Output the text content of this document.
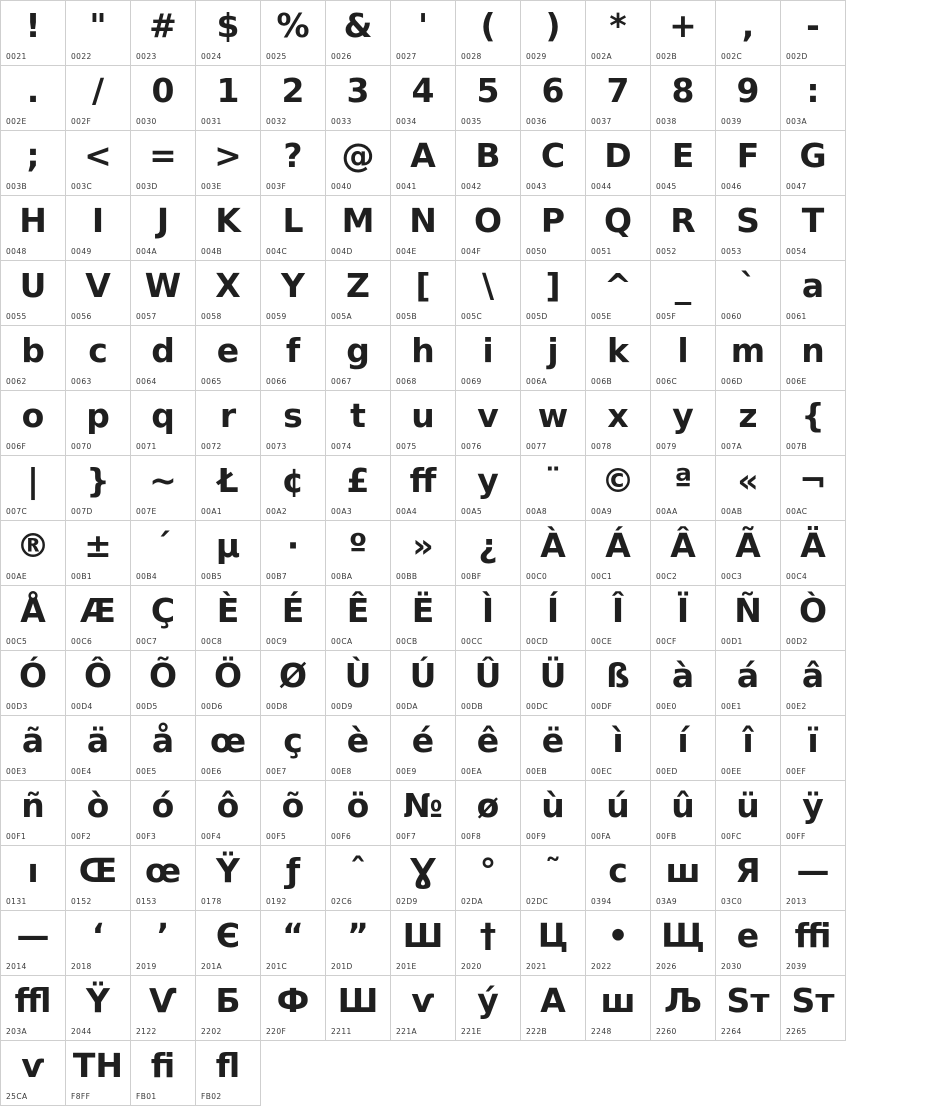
!
0021
"
0022
#
0023
$
0024
%
0025
&
0026
'
0027
(
0028
)
0029
*
002A
+
002B
,
002C
-
002D
.
002E
/
002F
0
0030
1
0031
2
0032
3
0033
4
0034
5
0035
6
0036
7
0037
8
0038
9
0039
:
003A
;
003B
<
003C
=
003D
>
003E
?
003F
@
0040
A
0041
B
0042
C
0043
D
0044
E
0045
F
0046
G
0047
H
0048
I
0049
J
004A
K
004B
L
004C
M
004D
N
004E
O
004F
P
0050
Q
0051
R
0052
S
0053
T
0054
U
0055
V
0056
W
0057
X
0058
Y
0059
Z
005A
[
005B
\
005C
]
005D
^
005E
_
005F
`
0060
a
0061
b
0062
c
0063
d
0064
e
0065
f
0066
g
0067
h
0068
i
0069
j
006A
k
006B
l
006C
m
006D
n
006E
o
006F
p
0070
q
0071
r
0072
s
0073
t
0074
u
0075
v
0076
w
0077
x
0078
y
0079
z
007A
{
007B
|
007C
}
007D
~
007E
Ł
00A1
¢
00A2
£
00A3
ﬀ
00A4
у
00A5
¨
00A8
©
00A9
ª
00AA
«
00AB
¬
00AC
®
00AE
±
00B1
´
00B4
µ
00B5
·
00B7
º
00BA
»
00BB
¿
00BF
À
00C0
Á
00C1
Â
00C2
Ã
00C3
Ä
00C4
Å
00C5
Æ
00C6
Ç
00C7
È
00C8
É
00C9
Ê
00CA
Ë
00CB
Ì
00CC
Í
00CD
Î
00CE
Ï
00CF
Ñ
00D1
Ò
00D2
Ó
00D3
Ô
00D4
Õ
00D5
Ö
00D6
Ø
00D8
Ù
00D9
Ú
00DA
Û
00DB
Ü
00DC
ß
00DF
à
00E0
á
00E1
â
00E2
ã
00E3
ä
00E4
å
00E5
œ
00E6
ç
00E7
è
00E8
é
00E9
ê
00EA
ë
00EB
ì
00EC
í
00ED
î
00EE
ï
00EF
ñ
00F1
ò
00F2
ó
00F3
ô
00F4
õ
00F5
ö
00F6
№
00F7
ø
00F8
ù
00F9
ú
00FA
û
00FB
ü
00FC
ÿ
00FF
ı
0131
Œ
0152
œ
0153
Ÿ
0178
ƒ
0192
ˆ
02C6
Ɣ
02D9
°
02DA
˜
02DC
с
0394
ш
03A9
Я
03C0
—
2013
—
2014
‘
2018
’
2019
Є
201A
“
201C
”
201D
Ш
201E
†
2020
Ц
2021
•
2022
Щ
2026
е
2030
ﬃ
2039
ﬄ
203A
Ÿ
2044
Ѵ
2122
Б
2202
Ф
220F
Ш
2211
ѵ
221A
ý
221E
А
222B
ш
2248
Љ
2260
Ѕт
2264
Ѕт
2265
ѵ
25CA
ТН
F8FF
ﬁ
FB01
ﬂ
FB02
